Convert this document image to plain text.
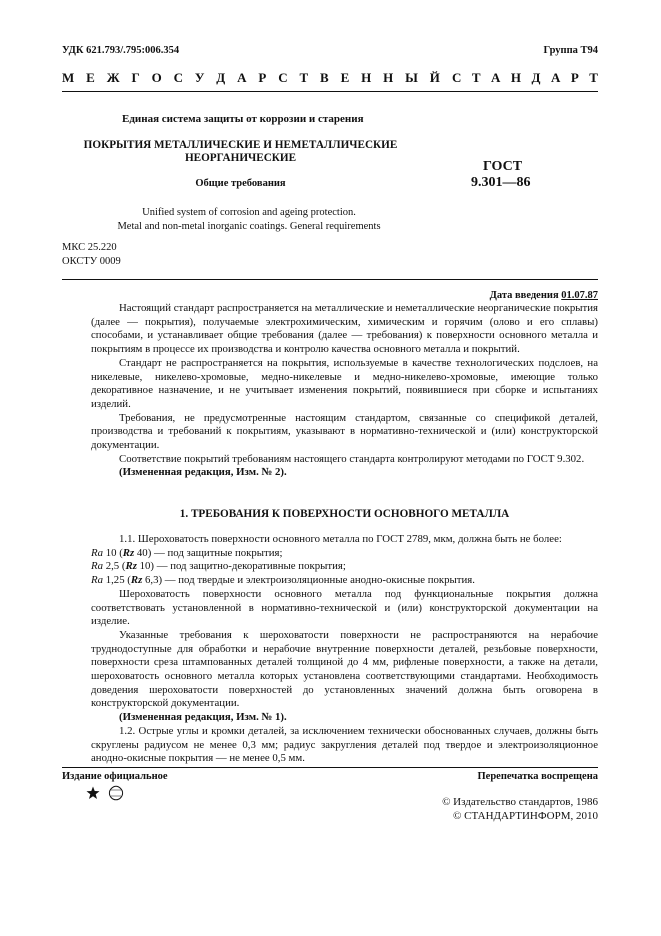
УДК 621.793/.795:006.354	Группа Т94
М Е Ж Г О С У Д А Р С Т В Е Н Н Ы Й С Т А Н Д А Р Т
Единая система защиты от коррозии и старения
ПОКРЫТИЯ МЕТАЛЛИЧЕСКИЕ И НЕМЕТАЛЛИЧЕСКИЕ
НЕОРГАНИЧЕСКИЕ
Общие требования
Unified system of corrosion and ageing protection.
Metal and non-metal inorganic coatings. General requirements
ГОСТ
9.301—86
МКС 25.220
ОКСТУ 0009
Дата введения 01.07.87

Настоящий стандарт распространяется на металлические и неметаллические неорганические покрытия (далее — покрытия), получаемые электрохимическим, химическим и горячим (олово и его сплавы) способами, и устанавливает общие требования (далее — требования) к поверхности основного металла и покрытиям в процессе их производства и контролю качества основного металла и покрытий.

Стандарт не распространяется на покрытия, используемые в качестве технологических подслоев, на никелевые, никелево-хромовые, медно-никелевые и медно-никелево-хромовые, имеющие только декоративное назначение, и не учитывает изменения покрытий, появившиеся при сборке и испытаниях изделий.

Требования, не предусмотренные настоящим стандартом, связанные со спецификой деталей, производства и требований к покрытиям, указывают в нормативно-технической и (или) конструкторской документации.

Соответствие покрытий требованиям настоящего стандарта контролируют методами по ГОСТ 9.302.

(Измененная редакция, Изм. № 2).

1. ТРЕБОВАНИЯ К ПОВЕРХНОСТИ ОСНОВНОГО МЕТАЛЛА

1.1. Шероховатость поверхности основного металла по ГОСТ 2789, мкм, должна быть не более:

Ra 10 (Rz 40) — под защитные покрытия;

Ra 2,5 (Rz 10) — под защитно-декоративные покрытия;

Ra 1,25 (Rz 6,3) — под твердые и электроизоляционные анодно-окисные покрытия.

Шероховатость поверхности основного металла под функциональные покрытия должна соответствовать установленной в нормативно-технической и (или) конструкторской документации на изделие.

Указанные требования к шероховатости поверхности не распространяются на нерабочие труднодоступные для обработки и нерабочие внутренние поверхности деталей, резьбовые поверхности, поверхности среза штампованных деталей толщиной до 4 мм, рифленые поверхности, а также на детали, шероховатость основного металла которых установлена соответствующими стандартами. Необходимость доведения шероховатости поверхностей до установленных значений должна быть оговорена в конструкторской документации.

(Измененная редакция, Изм. № 1).

1.2. Острые углы и кромки деталей, за исключением технически обоснованных случаев, должны быть скруглены радиусом не менее 0,3 мм; радиус закругления деталей под твердое и электроизоляционное анодно-окисные покрытия — не менее 0,5 мм.

Издание официальное	Перепечатка воспрещена
© Издательство стандартов, 1986
© СТАНДАРТИНФОРМ, 2010
